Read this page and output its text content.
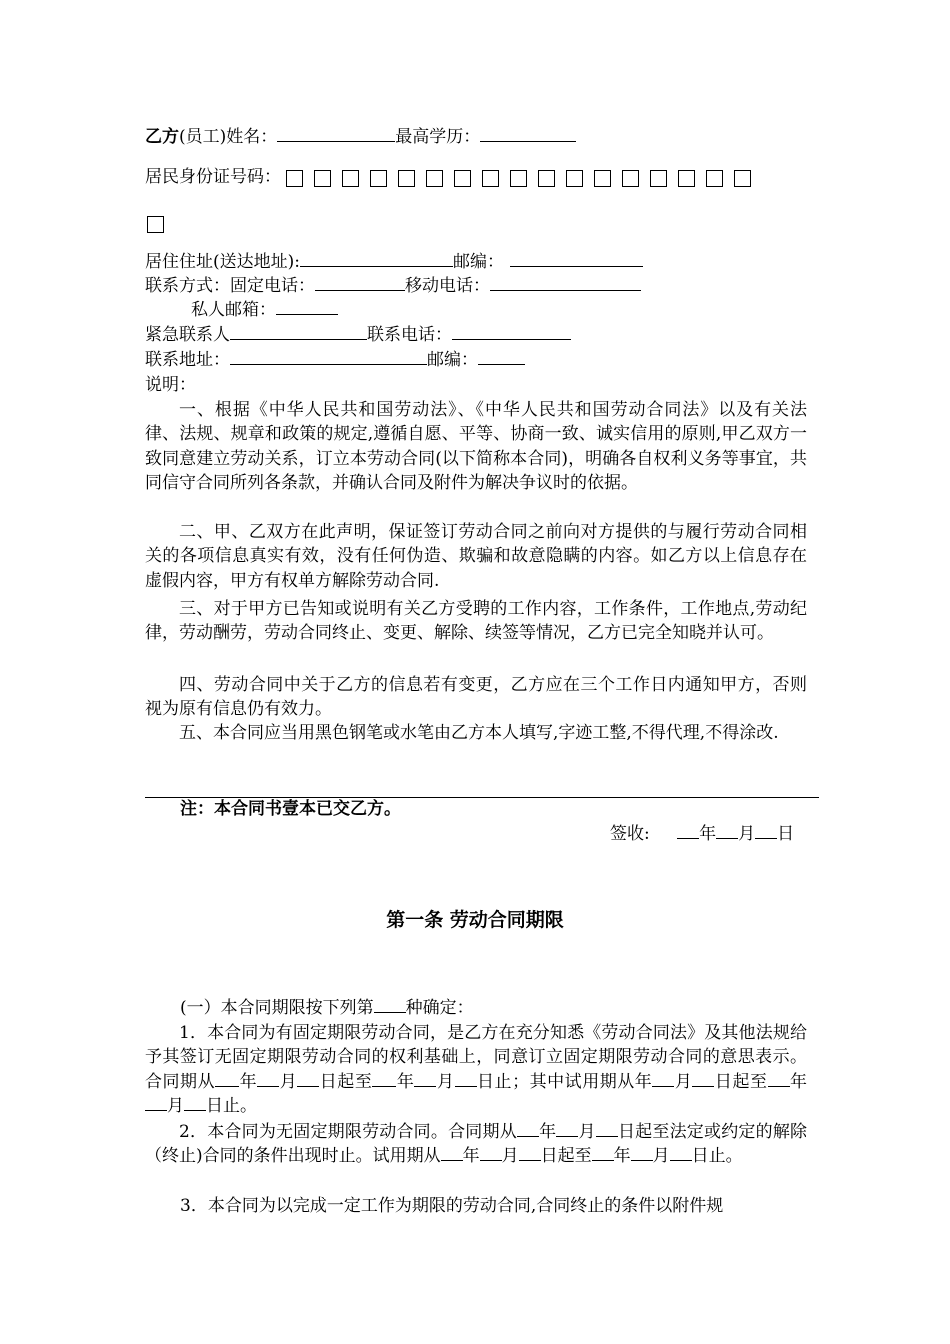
乙方(员工)姓名：	最高学历：
居民身份证号码：
居住住址(送达地址):	邮编：
联系方式：固定电话：	移动电话：
私人邮箱：
紧急联系人	联系电话：
联系地址：	邮编：
说明：

一、根据《中华人民共和国劳动法》、《中华人民共和国劳动合同法》以及有关法律、法规、规章和政策的规定,遵循自愿、平等、协商一致、诚实信用的原则,甲乙双方一致同意建立劳动关系，订立本劳动合同(以下简称本合同)，明确各自权利义务等事宜，共同信守合同所列各条款，并确认合同及附件为解决争议时的依据。

二、甲、乙双方在此声明，保证签订劳动合同之前向对方提供的与履行劳动合同相关的各项信息真实有效，没有任何伪造、欺骗和故意隐瞒的内容。如乙方以上信息存在虚假内容，甲方有权单方解除劳动合同.

三、对于甲方已告知或说明有关乙方受聘的工作内容，工作条件，工作地点,劳动纪律，劳动酬劳，劳动合同终止、变更、解除、续签等情况，乙方已完全知晓并认可。

四、劳动合同中关于乙方的信息若有变更，乙方应在三个工作日内通知甲方，否则视为原有信息仍有效力。

五、本合同应当用黑色钢笔或水笔由乙方本人填写,字迹工整,不得代理,不得涂改.

注：本合同书壹本已交乙方。
签收:	年 月 日
第一条 劳动合同期限
(一）本合同期限按下列第 种确定：

1．本合同为有固定期限劳动合同，是乙方在充分知悉《劳动合同法》及其他法规给予其签订无固定期限劳动合同的权利基础上，同意订立固定期限劳动合同的意思表示。合同期从 年 月 日起至 年 月 日止；其中试用期从年 月 日起至 年月 日止。

2．本合同为无固定期限劳动合同。合同期从 年 月 日起至法定或约定的解除（终止)合同的条件出现时止。试用期从 年 月 日起至 年 月 日止。

3．本合同为以完成一定工作为期限的劳动合同,合同终止的条件以附件规
